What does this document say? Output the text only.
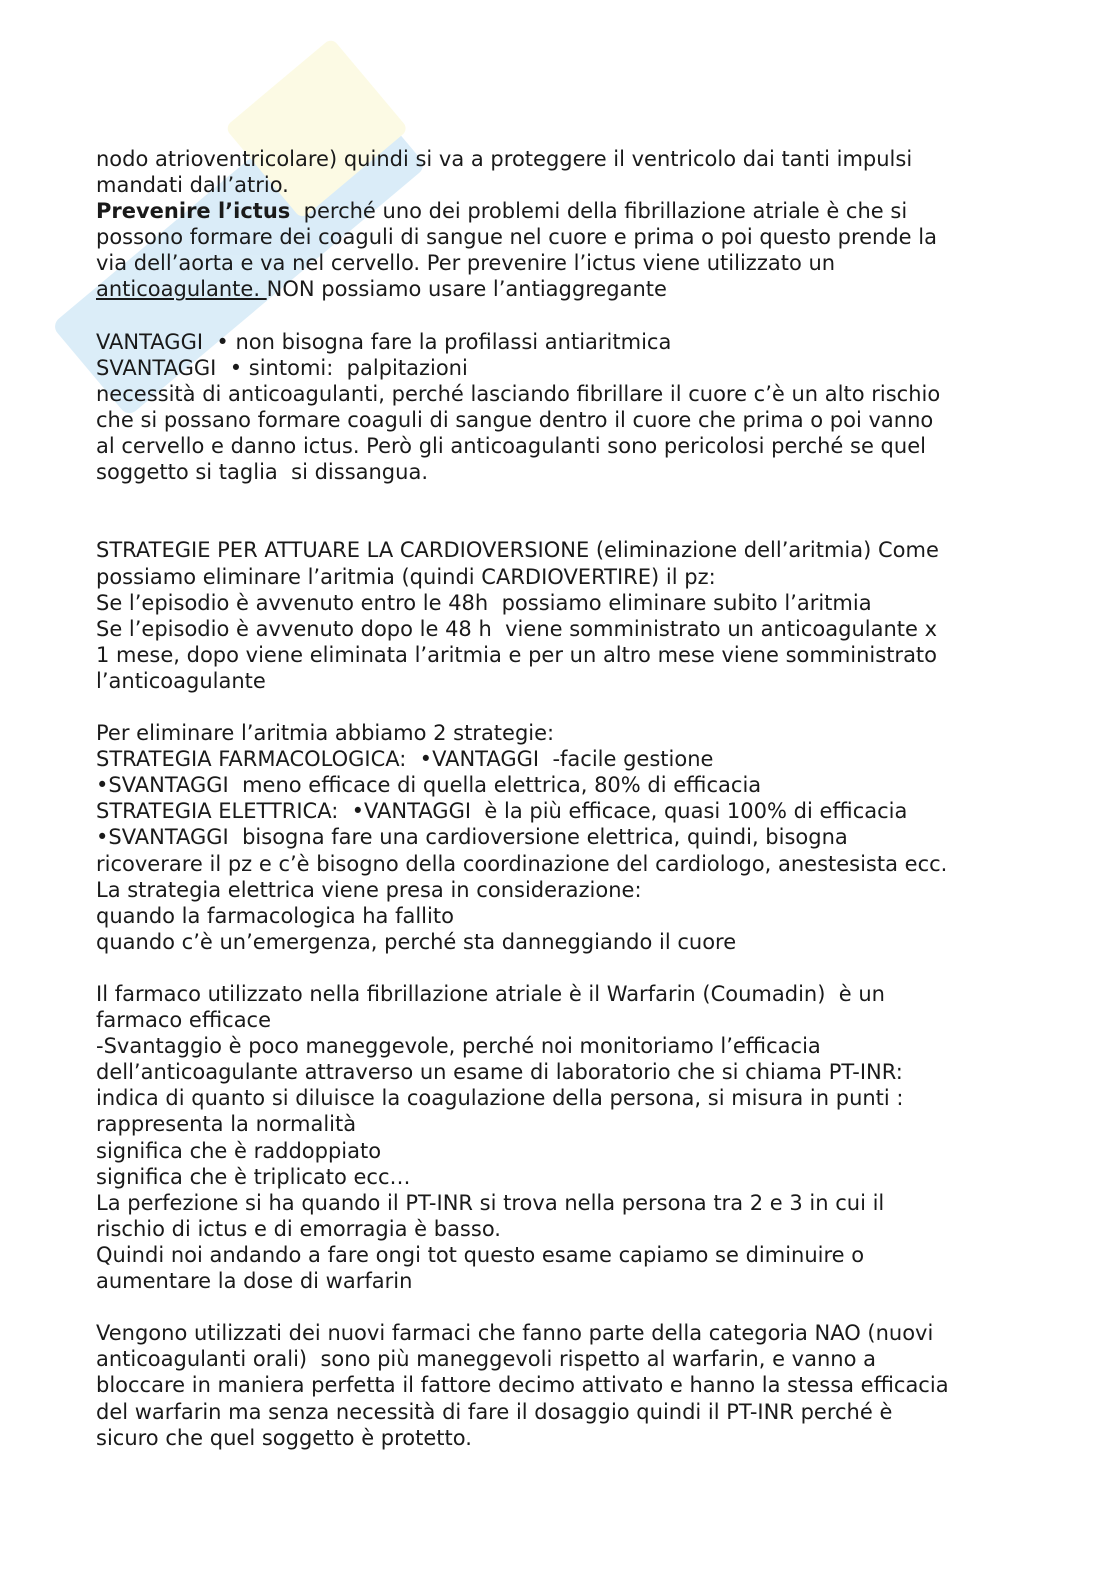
nodo atrioventricolare) quindi si va a proteggere il ventricolo dai tanti impulsi
mandati dall’atrio.
Prevenire l’ictus  perché uno dei problemi della fibrillazione atriale è che si
possono formare dei coaguli di sangue nel cuore e prima o poi questo prende la
via dell’aorta e va nel cervello. Per prevenire l’ictus viene utilizzato un
anticoagulante. NON possiamo usare l’antiaggregante
VANTAGGI  • non bisogna fare la profilassi antiaritmica
SVANTAGGI  • sintomi:  palpitazioni
necessità di anticoagulanti, perché lasciando fibrillare il cuore c’è un alto rischio
che si possano formare coaguli di sangue dentro il cuore che prima o poi vanno
al cervello e danno ictus. Però gli anticoagulanti sono pericolosi perché se quel
soggetto si taglia  si dissangua.
STRATEGIE PER ATTUARE LA CARDIOVERSIONE (eliminazione dell’aritmia) Come
possiamo eliminare l’aritmia (quindi CARDIOVERTIRE) il pz:
Se l’episodio è avvenuto entro le 48h  possiamo eliminare subito l’aritmia
Se l’episodio è avvenuto dopo le 48 h  viene somministrato un anticoagulante x
1 mese, dopo viene eliminata l’aritmia e per un altro mese viene somministrato
l’anticoagulante
Per eliminare l’aritmia abbiamo 2 strategie:
STRATEGIA FARMACOLOGICA:  •VANTAGGI  -facile gestione
•SVANTAGGI  meno efficace di quella elettrica, 80% di efficacia
STRATEGIA ELETTRICA:  •VANTAGGI  è la più efficace, quasi 100% di efficacia
•SVANTAGGI  bisogna fare una cardioversione elettrica, quindi, bisogna
ricoverare il pz e c’è bisogno della coordinazione del cardiologo, anestesista ecc.
La strategia elettrica viene presa in considerazione:
quando la farmacologica ha fallito
quando c’è un’emergenza, perché sta danneggiando il cuore
Il farmaco utilizzato nella fibrillazione atriale è il Warfarin (Coumadin)  è un
farmaco efficace
-Svantaggio è poco maneggevole, perché noi monitoriamo l’efficacia
dell’anticoagulante attraverso un esame di laboratorio che si chiama PT-INR:
indica di quanto si diluisce la coagulazione della persona, si misura in punti :
rappresenta la normalità
significa che è raddoppiato
significa che è triplicato ecc…
La perfezione si ha quando il PT-INR si trova nella persona tra 2 e 3 in cui il
rischio di ictus e di emorragia è basso.
Quindi noi andando a fare ongi tot questo esame capiamo se diminuire o
aumentare la dose di warfarin
Vengono utilizzati dei nuovi farmaci che fanno parte della categoria NAO (nuovi
anticoagulanti orali)  sono più maneggevoli rispetto al warfarin, e vanno a
bloccare in maniera perfetta il fattore decimo attivato e hanno la stessa efficacia
del warfarin ma senza necessità di fare il dosaggio quindi il PT-INR perché è
sicuro che quel soggetto è protetto.
